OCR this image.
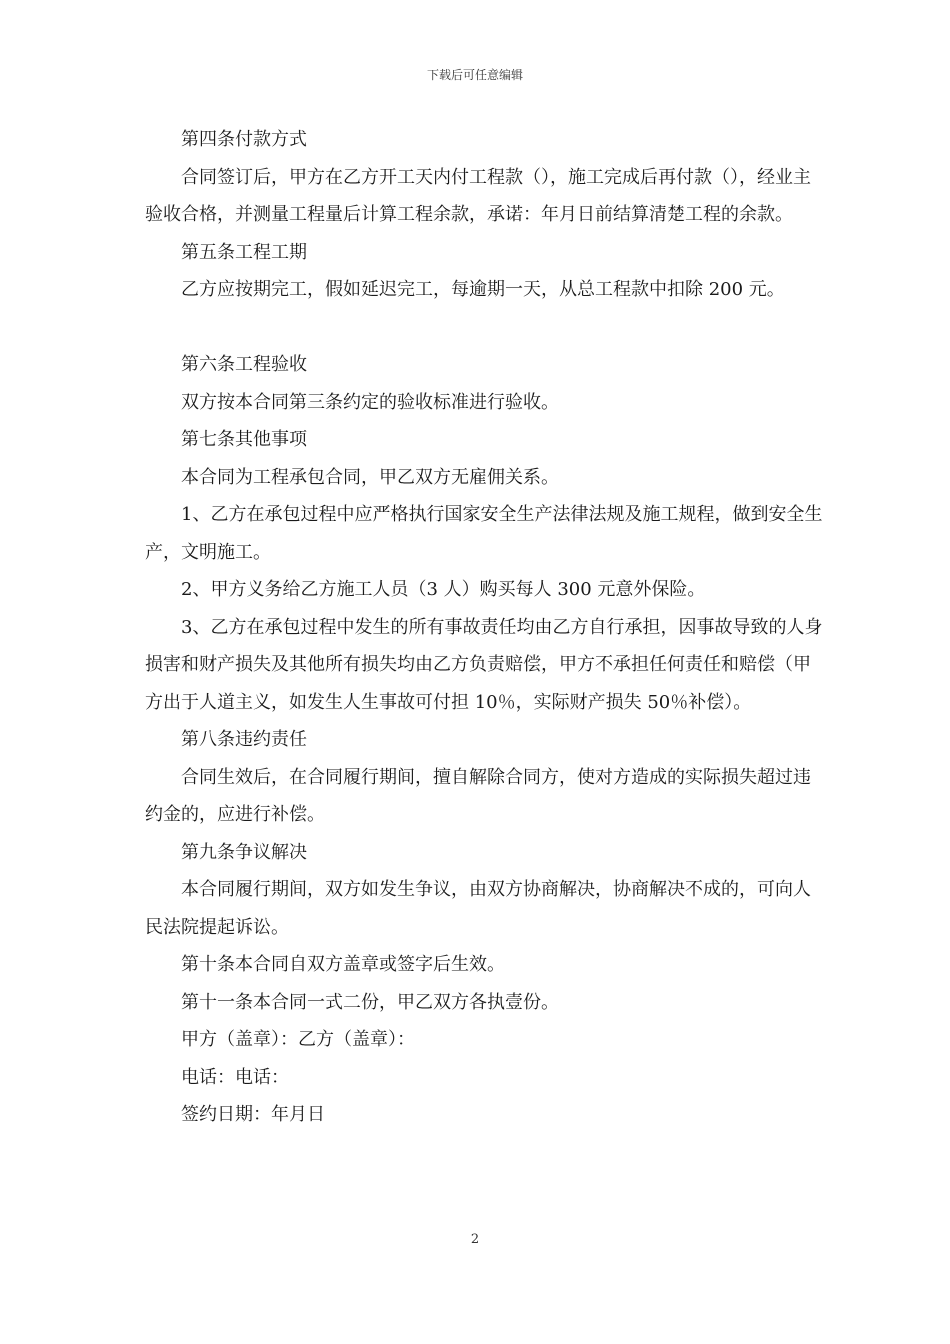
下载后可任意编辑

第四条付款方式

合同签订后，甲方在乙方开工天内付工程款（），施工完成后再付款（），经业主验收合格，并测量工程量后计算工程余款，承诺：年月日前结算清楚工程的余款。

第五条工程工期

乙方应按期完工，假如延迟完工，每逾期一天，从总工程款中扣除 200 元。

第六条工程验收

双方按本合同第三条约定的验收标准进行验收。

第七条其他事项

本合同为工程承包合同，甲乙双方无雇佣关系。

1、乙方在承包过程中应严格执行国家安全生产法律法规及施工规程，做到安全生产，文明施工。

2、甲方义务给乙方施工人员（3 人）购买每人 300 元意外保险。

3、乙方在承包过程中发生的所有事故责任均由乙方自行承担，因事故导致的人身损害和财产损失及其他所有损失均由乙方负责赔偿，甲方不承担任何责任和赔偿（甲方出于人道主义，如发生人生事故可付担 10％，实际财产损失 50％补偿）。

第八条违约责任

合同生效后，在合同履行期间，擅自解除合同方，使对方造成的实际损失超过违约金的，应进行补偿。

第九条争议解决

本合同履行期间，双方如发生争议，由双方协商解决，协商解决不成的，可向人民法院提起诉讼。

第十条本合同自双方盖章或签字后生效。

第十一条本合同一式二份，甲乙双方各执壹份。

甲方（盖章）：乙方（盖章）：

电话：电话：

签约日期：年月日

2
